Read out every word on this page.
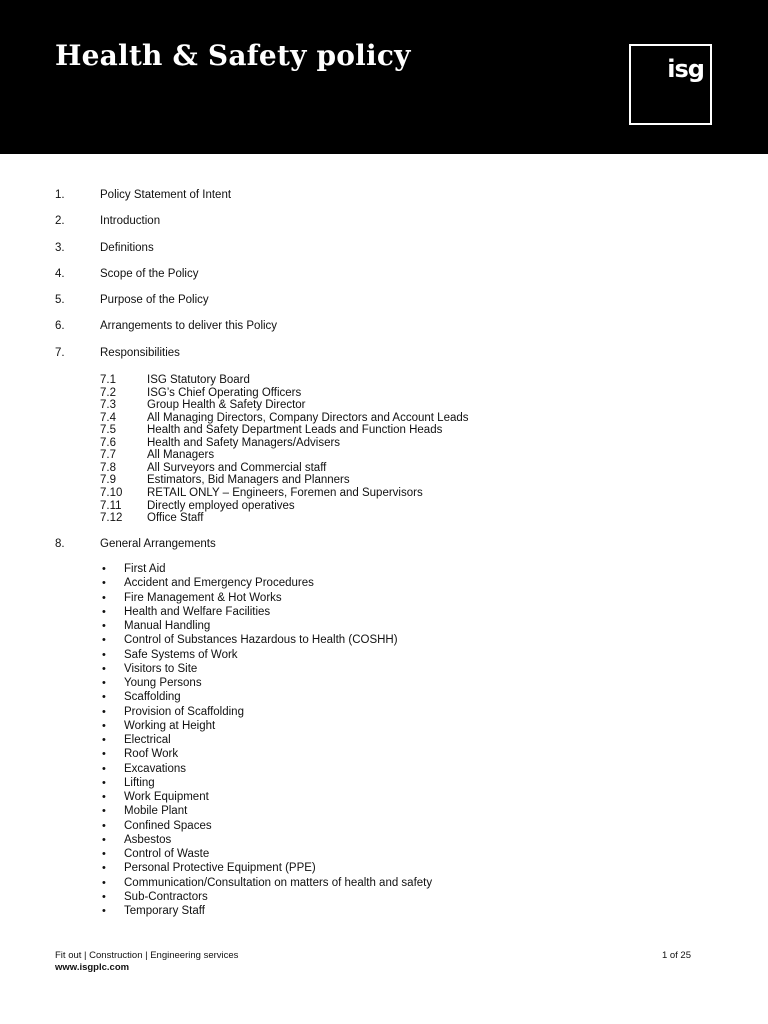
Health & Safety policy	isg
1.	Policy Statement of Intent
2.	Introduction
3.	Definitions
4.	Scope of the Policy
5.	Purpose of the Policy
6.	Arrangements to deliver this Policy
7.	Responsibilities
7.1	ISG Statutory Board
7.2	ISG’s Chief Operating Officers
7.3	Group Health & Safety Director
7.4	All Managing Directors, Company Directors and Account Leads
7.5	Health and Safety Department Leads and Function Heads
7.6	Health and Safety Managers/Advisers
7.7	All Managers
7.8	All Surveyors and Commercial staff
7.9	Estimators, Bid Managers and Planners
7.10 RETAIL ONLY – Engineers, Foremen and Supervisors
7.11 Directly employed operatives
7.12 Office Staff
8.	General Arrangements
• First Aid
• Accident and Emergency Procedures
• Fire Management & Hot Works
• Health and Welfare Facilities
• Manual Handling
• Control of Substances Hazardous to Health (COSHH)
• Safe Systems of Work
• Visitors to Site
• Young Persons
• Scaffolding
• Provision of Scaffolding
• Working at Height
• Electrical
• Roof Work
• Excavations
• Lifting
• Work Equipment
• Mobile Plant
• Confined Spaces
• Asbestos
• Control of Waste
• Personal Protective Equipment (PPE)
• Communication/Consultation on matters of health and safety
• Sub-Contractors
• Temporary Staff
Fit out | Construction | Engineering services
www.isgplc.com
1 of 25
